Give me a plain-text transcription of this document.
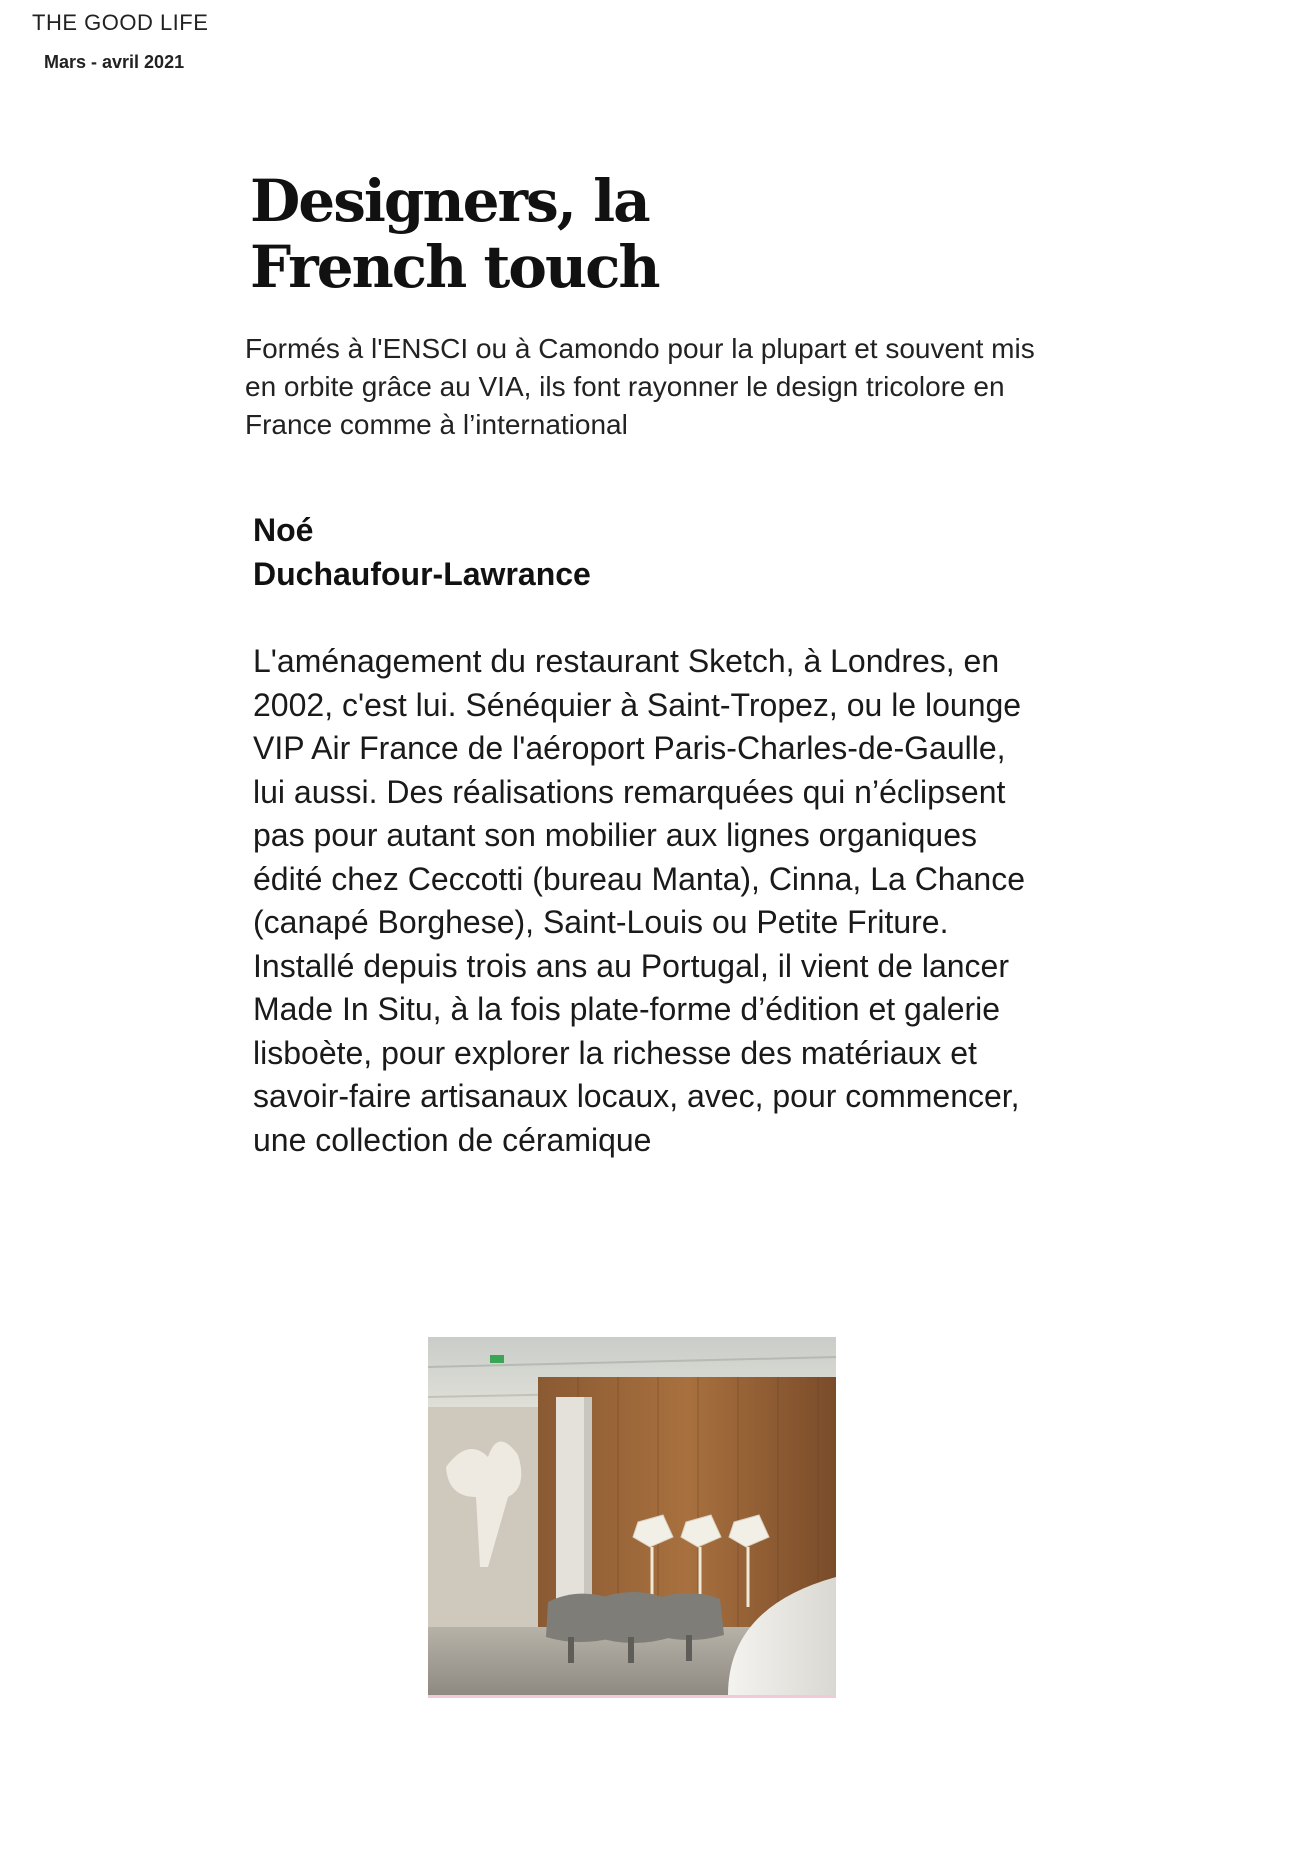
THE GOOD LIFE
Mars - avril 2021
Designers, la
French touch

Formés à l'ENSCI ou à Camondo pour la plupart et souvent mis en orbite grâce au VIA, ils font rayonner le design tricolore en France comme à l’international

Noé
Duchaufour-Lawrance

L'aménagement du restaurant Sketch, à Londres, en 2002, c'est lui. Sénéquier à Saint-Tropez, ou le lounge VIP Air France de l'aéroport Paris-Charles-de-Gaulle, lui aussi. Des réalisations remarquées qui n’éclipsent pas pour autant son mobilier aux lignes organiques édité chez Ceccotti (bureau Manta), Cinna, La Chance (canapé Borghese), Saint-Louis ou Petite Friture. Installé depuis trois ans au Portugal, il vient de lancer Made In Situ, à la fois plate-forme d’édition et galerie lisboète, pour explorer la richesse des matériaux et savoir-faire artisanaux locaux, avec, pour commencer, une collection de céramique
